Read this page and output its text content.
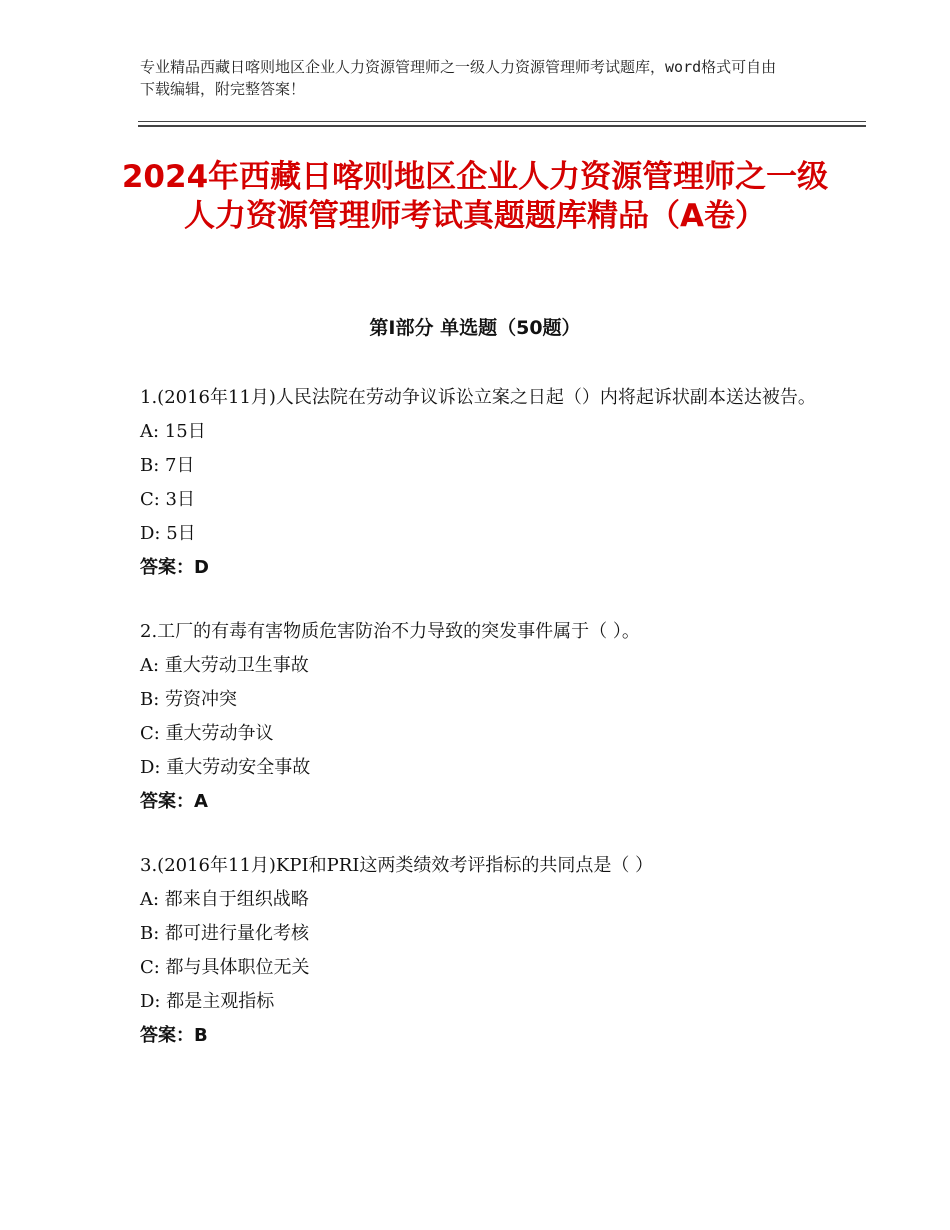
专业精品西藏日喀则地区企业人力资源管理师之一级人力资源管理师考试题库，word格式可自由下载编辑，附完整答案！
2024年西藏日喀则地区企业人力资源管理师之一级人力资源管理师考试真题题库精品（A卷）
第Ⅰ部分 单选题（50题）

1.(2016年11月)人民法院在劳动争议诉讼立案之日起（）内将起诉状副本送达被告。

A: 15日

B: 7日

C: 3日

D: 5日

答案：D

2.工厂的有毒有害物质危害防治不力导致的突发事件属于（ ）。

A: 重大劳动卫生事故

B: 劳资冲突

C: 重大劳动争议

D: 重大劳动安全事故

答案：A

3.(2016年11月)KPI和PRI这两类绩效考评指标的共同点是（ ）

A: 都来自于组织战略

B: 都可进行量化考核

C: 都与具体职位无关

D: 都是主观指标

答案：B
